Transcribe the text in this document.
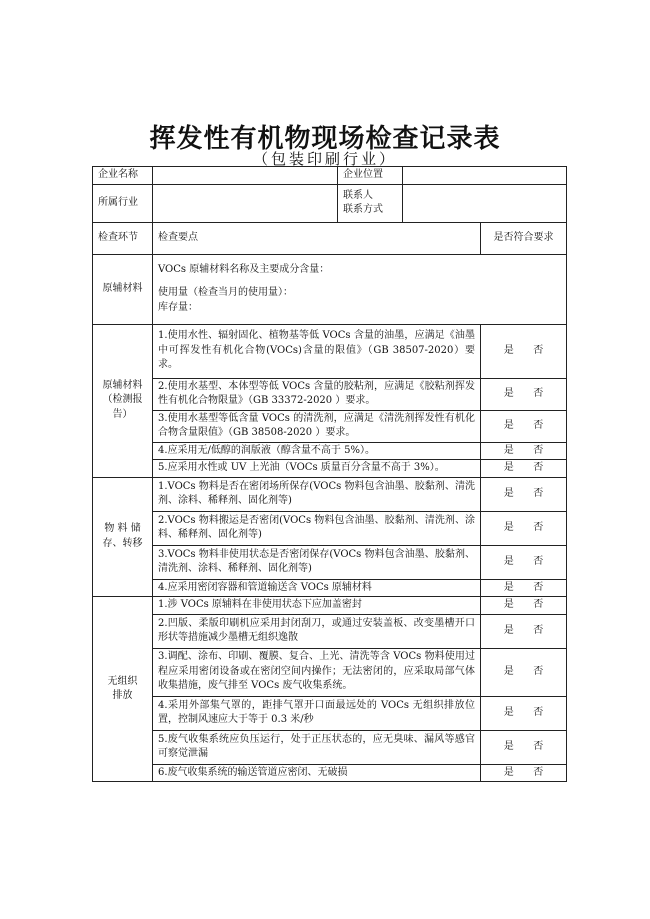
挥发性有机物现场检查记录表
（包装印刷行业）
企业名称		企业位置		
所属行业		联系人
联系方式		

检查环节	检查要点			是否符合要求
原辅材料	VOCs 原辅材料名称及主要成分含量：
使用量（检查当月的使用量）：
库存量：			

原辅材料
（检测报
告）	1.使用水性、辐射固化、植物基等低 VOCs 含量的油墨，应满足《油墨中可挥发性有机化合物(VOCs)含量的限值》（GB 38507-2020）要求。			是 否

	2.使用水基型、本体型等低 VOCs 含量的胶粘剂，应满足《胶粘剂挥发性有机化合物限量》（GB 33372-2020 ）要求。			是 否

	3.使用水基型等低含量 VOCs 的清洗剂，应满足《清洗剂挥发性有机化合物含量限值》（GB 38508-2020 ）要求。			是 否

	4.应采用无/低醇的润版液（醇含量不高于 5%）。			是 否

	5.应采用水性或 UV 上光油（VOCs 质量百分含量不高于 3%）。			是 否

物 料 储
存、转移	1.VOCs 物料是否在密闭场所保存(VOCs 物料包含油墨、胶黏剂、清洗剂、涂料、稀释剂、固化剂等)			是 否

	2.VOCs 物料搬运是否密闭(VOCs 物料包含油墨、胶黏剂、清洗剂、涂料、稀释剂、固化剂等)			是 否

	3.VOCs 物料非使用状态是否密闭保存(VOCs 物料包含油墨、胶黏剂、清洗剂、涂料、稀释剂、固化剂等)			是 否

	4.应采用密闭容器和管道输送含 VOCs 原辅材料			是 否

无组织
排放	1.涉 VOCs 原辅料在非使用状态下应加盖密封			是 否

	2.凹版、柔版印刷机应采用封闭刮刀，或通过安装盖板、改变墨槽开口形状等措施减少墨槽无组织逸散			是 否

	3.调配、涂布、印刷、覆膜、复合、上光、清洗等含 VOCs 物料使用过程应采用密闭设备或在密闭空间内操作；无法密闭的，应采取局部气体收集措施，废气排至 VOCs 废气收集系统。			是 否

	4.采用外部集气罩的，距排气罩开口面最远处的 VOCs 无组织排放位置，控制风速应大于等于 0.3 米/秒			是 否

	5.废气收集系统应负压运行，处于正压状态的，应无臭味、漏风等感官可察觉泄漏			是 否

	6.废气收集系统的输送管道应密闭、无破损			是 否
